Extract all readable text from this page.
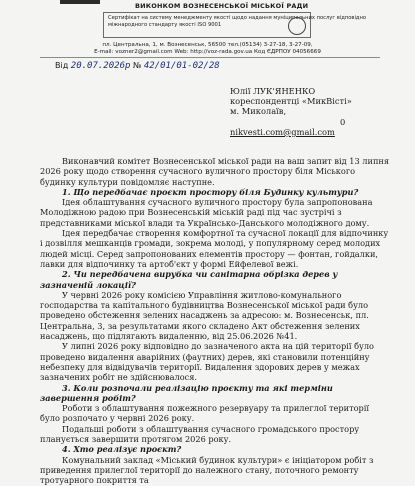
ВИКОНКОМ ВОЗНЕСЕНСЬКОЇ МІСЬКОЇ РАДИ
Сертифікат на систему менеджменту якості щодо надання муніципальних послуг відповідно
міжнародного стандарту якості ISO 9001
пл. Центральна, 1, м. Вознесенськ, 56500 тел.(05134) 3-27-18, 3-27-09,
E-mail: vozner2@gmail.com Web: http://voz-rada.gov.ua Код ЄДРПОУ 04056669
Від 20.07.2026р № 42/01/01-02/28
Юлії ЛУК'ЯНЕНКО
кореспондентці «МикВісті»
м. Миколаїв,
0
nikvesti.com@gmail.com

Виконавчий комітет Вознесенської міської ради на ваш запит від 13 липня 2026 року щодо створення сучасного вуличного простору біля Міського будинку культури повідомляє наступне.

1. Що передбачає проєкт простору біля Будинку культури?

Ідея облаштування сучасного вуличного простору була запропонована Молодіжною радою при Вознесенській міській раді під час зустрічі з представниками міської влади та Українсько-Данського молодіжного дому.

Ідея передбачає створення комфортної та сучасної локації для відпочинку і дозвілля мешканців громади, зокрема молоді, у популярному серед молодих людей місці. Серед запропонованих елементів простору — фонтан, гойдалки, лавки для відпочинку та артоб'єкт у формі Ейфелевої вежі.

2. Чи передбачена вирубка чи санітарна обрізка дерев у зазначеній локації?

У червні 2026 року комісією Управління житлово-комунального господарства та капітального будівництва Вознесенської міської ради було проведено обстеження зелених насаджень за адресою: м. Вознесенськ, пл. Центральна, 3, за результатами якого складено Акт обстеження зелених насаджень, що підлягають видаленню, від 25.06.2026 №41.

У липні 2026 року відповідно до зазначеного акта на цій території було проведено видалення аварійних (фаутних) дерев, які становили потенційну небезпеку для відвідувачів території. Видалення здорових дерев у межах зазначених робіт не здійснювалося.

3. Коли розпочали реалізацію проєкту та які терміни завершення робіт?

Роботи з облаштування пожежного резервуару та прилеглої території було розпочато у червні 2026 року.

Подальші роботи з облаштування сучасного громадського простору планується завершити протягом 2026 року.

4. Хто реалізує проєкт?

Комунальний заклад «Міський будинок культури» є ініціатором робіт з приведення прилеглої території до належного стану, поточного ремонту тротуарного покриття та
